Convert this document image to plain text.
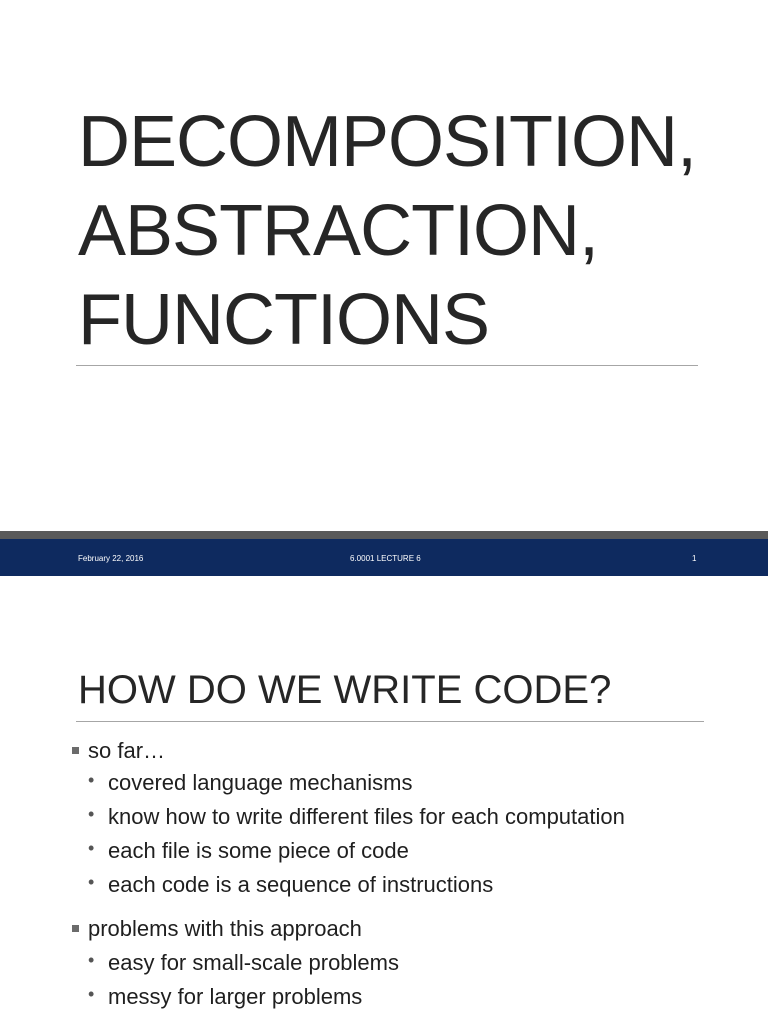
DECOMPOSITION,
ABSTRACTION,
FUNCTIONS
February 22, 2016	6.0001 LECTURE 6	1
HOW DO WE WRITE CODE?
so far…
• covered language mechanisms
• know how to write different files for each computation
• each file is some piece of code
• each code is a sequence of instructions
problems with this approach
• easy for small-scale problems
• messy for larger problems
